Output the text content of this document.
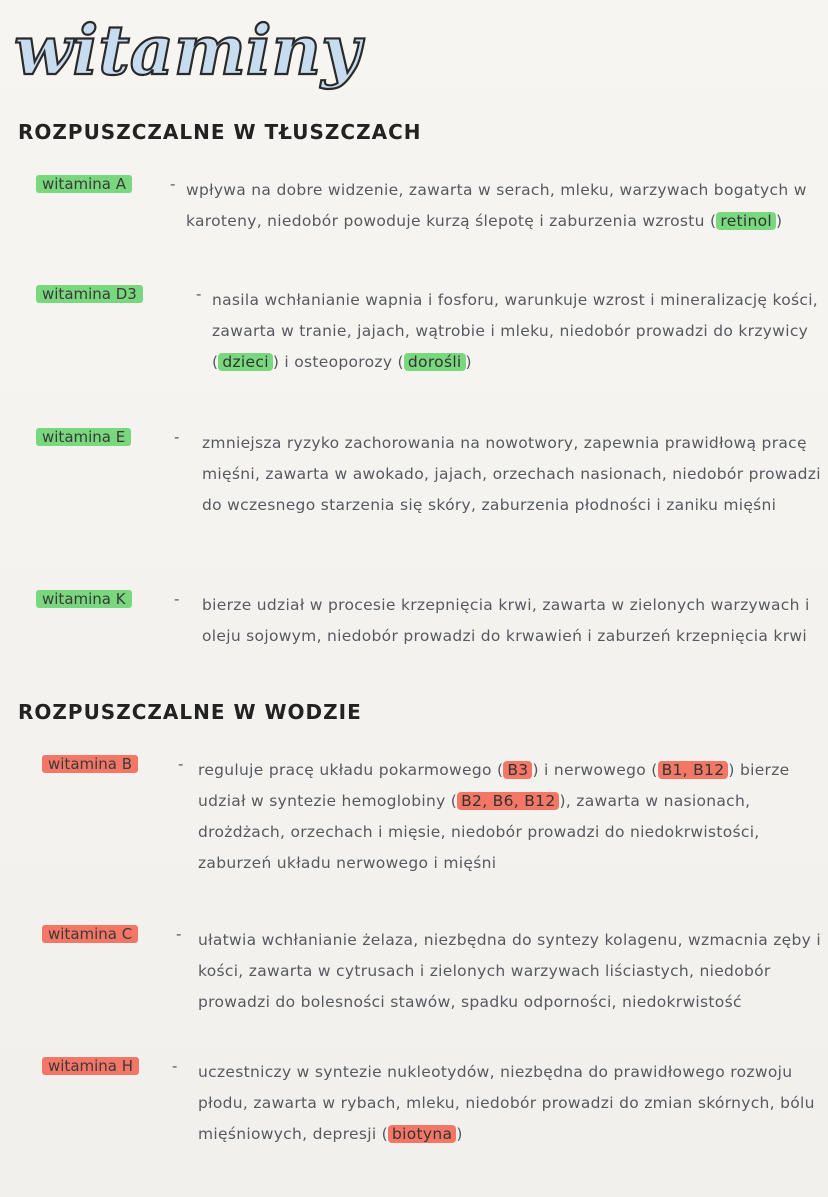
witaminy
ROZPUSZCZALNE W TŁUSZCZACH
witamina A	- wpływa na dobre widzenie, zawarta w serach, mleku, warzywach bogatych w karoteny, niedobór powoduje kurzą ślepotę i zaburzenia wzrostu ( retinol )
witamina D3	- nasila wchłanianie wapnia i fosforu, warunkuje wzrost i mineralizację kości, zawarta w tranie, jajach, wątrobie i mleku, niedobór prowadzi do krzywicy ( dzieci ) i osteoporozy ( dorośli )
witamina E	- zmniejsza ryzyko zachorowania na nowotwory, zapewnia prawidłową pracę mięśni, zawarta w awokado, jajach, orzechach nasionach, niedobór prowadzi do wczesnego starzenia się skóry, zaburzenia płodności i zaniku mięśni
witamina K	- bierze udział w procesie krzepnięcia krwi, zawarta w zielonych warzywach i oleju sojowym, niedobór prowadzi do krwawień i zaburzeń krzepnięcia krwi
ROZPUSZCZALNE W WODZIE
witamina B	- reguluje pracę układu pokarmowego ( B3 ) i nerwowego ( B1, B12 ) bierze udział w syntezie hemoglobiny ( B2, B6, B12 ), zawarta w nasionach, drożdżach, orzechach i mięsie, niedobór prowadzi do niedokrwistości, zaburzeń układu nerwowego i mięśni
witamina C	- ułatwia wchłanianie żelaza, niezbędna do syntezy kolagenu, wzmacnia zęby i kości, zawarta w cytrusach i zielonych warzywach liściastych, niedobór prowadzi do bolesności stawów, spadku odporności, niedokrwistość
witamina H	- uczestniczy w syntezie nukleotydów, niezbędna do prawidłowego rozwoju płodu, zawarta w rybach, mleku, niedobór prowadzi do zmian skórnych, bólu mięśniowych, depresji ( biotyna )
